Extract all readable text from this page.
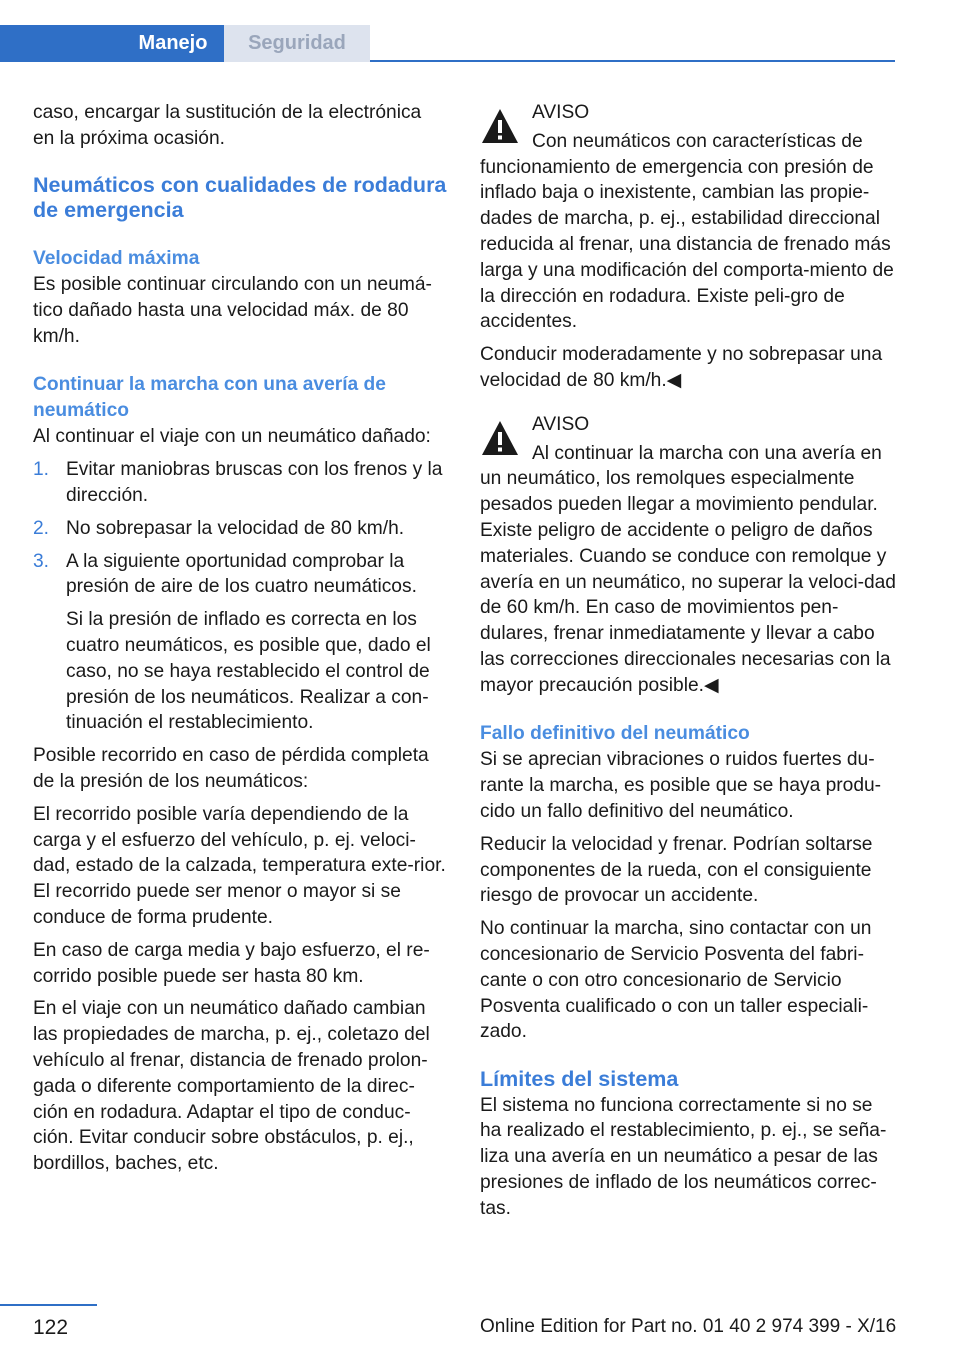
Manejo	Seguridad

caso, encargar la sustitución de la electrónica en la próxima ocasión.

Neumáticos con cualidades de rodadura de emergencia
Velocidad máxima

Es posible continuar circulando con un neumá‐tico dañado hasta una velocidad máx. de 80 km/h.

Continuar la marcha con una avería de neumático

Al continuar el viaje con un neumático dañado:

1. Evitar maniobras bruscas con los frenos y la dirección.
2. No sobrepasar la velocidad de 80 km/h.
3. A la siguiente oportunidad comprobar la presión de aire de los cuatro neumáticos.

Si la presión de inflado es correcta en los cuatro neumáticos, es posible que, dado el caso, no se haya restablecido el control de presión de los neumáticos. Realizar a con‐tinuación el restablecimiento.

Posible recorrido en caso de pérdida completa de la presión de los neumáticos:

El recorrido posible varía dependiendo de la carga y el esfuerzo del vehículo, p. ej. veloci‐dad, estado de la calzada, temperatura exte‐rior. El recorrido puede ser menor o mayor si se conduce de forma prudente.

En caso de carga media y bajo esfuerzo, el re‐corrido posible puede ser hasta 80 km.

En el viaje con un neumático dañado cambian las propiedades de marcha, p. ej., coletazo del vehículo al frenar, distancia de frenado prolon‐gada o diferente comportamiento de la direc‐ción en rodadura. Adaptar el tipo de conduc‐ción. Evitar conducir sobre obstáculos, p. ej., bordillos, baches, etc.

AVISO

Con neumáticos con características de funcionamiento de emergencia con presión de inflado baja o inexistente, cambian las propie‐dades de marcha, p. ej., estabilidad direccional reducida al frenar, una distancia de frenado más larga y una modificación del comporta‐miento de la dirección en rodadura. Existe peli‐gro de accidentes.

Conducir moderadamente y no sobrepasar una velocidad de 80 km/h.◀

AVISO

Al continuar la marcha con una avería en un neumático, los remolques especialmente pesados pueden llegar a movimiento pendular. Existe peligro de accidente o peligro de daños materiales. Cuando se conduce con remolque y avería en un neumático, no superar la veloci‐dad de 60 km/h. En caso de movimientos pen‐dulares, frenar inmediatamente y llevar a cabo las correcciones direccionales necesarias con la mayor precaución posible.◀

Fallo definitivo del neumático

Si se aprecian vibraciones o ruidos fuertes du‐rante la marcha, es posible que se haya produ‐cido un fallo definitivo del neumático.

Reducir la velocidad y frenar. Podrían soltarse componentes de la rueda, con el consiguiente riesgo de provocar un accidente.

No continuar la marcha, sino contactar con un concesionario de Servicio Posventa del fabri‐cante o con otro concesionario de Servicio Posventa cualificado o con un taller especiali‐zado.

Límites del sistema

El sistema no funciona correctamente si no se ha realizado el restablecimiento, p. ej., se seña‐liza una avería en un neumático a pesar de las presiones de inflado de los neumáticos correc‐tas.

122	Online Edition for Part no. 01 40 2 974 399 - X/16
